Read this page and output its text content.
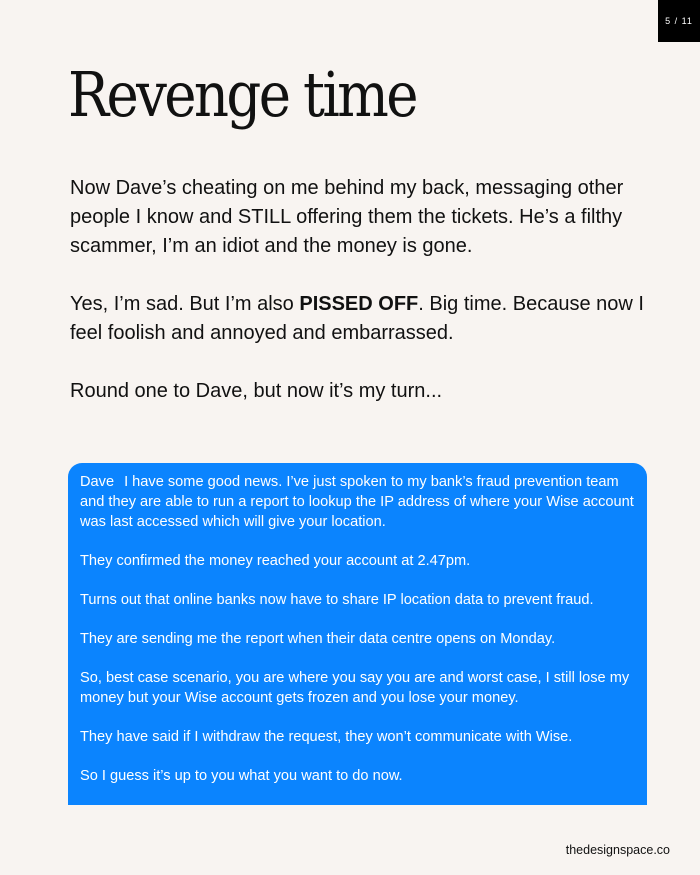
5 / 11
Revenge time

Now Dave’s cheating on me behind my back, messaging other people I know and STILL offering them the tickets. He’s a filthy scammer, I’m an idiot and the money is gone.

Yes, I’m sad. But I’m also PISSED OFF. Big time. Because now I feel foolish and annoyed and embarrassed.

Round one to Dave, but now it’s my turn...

Dave I have some good news. I’ve just spoken to my bank’s fraud prevention team and they are able to run a report to lookup the IP address of where your Wise account was last accessed which will give your location.

They confirmed the money reached your account at 2.47pm.

Turns out that online banks now have to share IP location data to prevent fraud.

They are sending me the report when their data centre opens on Monday.

So, best case scenario, you are where you say you are and worst case, I still lose my money but your Wise account gets frozen and you lose your money.

They have said if I withdraw the request, they won’t communicate with Wise.

So I guess it’s up to you what you want to do now.

thedesignspace.co
